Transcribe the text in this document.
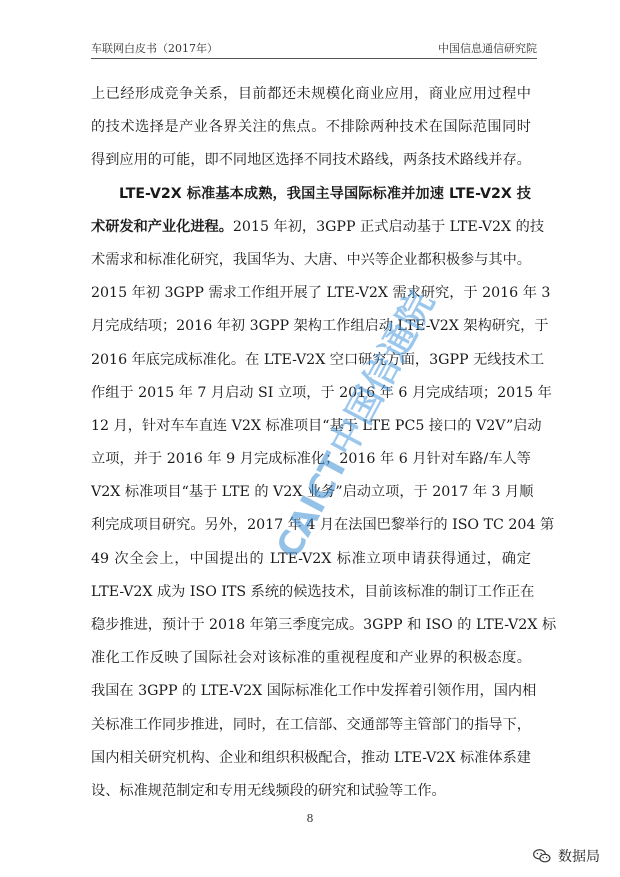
车联网白皮书（2017年）	中国信息通信研究院
上已经形成竞争关系，目前都还未规模化商业应用，商业应用过程中
的技术选择是产业各界关注的焦点。不排除两种技术在国际范围同时
得到应用的可能，即不同地区选择不同技术路线，两条技术路线并存。
LTE-V2X 标准基本成熟，我国主导国际标准并加速 LTE-V2X 技
术研发和产业化进程。2015 年初，3GPP 正式启动基于 LTE-V2X 的技
术需求和标准化研究，我国华为、大唐、中兴等企业都积极参与其中。
2015 年初 3GPP 需求工作组开展了 LTE-V2X 需求研究，于 2016 年 3
月完成结项；2016 年初 3GPP 架构工作组启动 LTE-V2X 架构研究，于
2016 年底完成标准化。在 LTE-V2X 空口研究方面，3GPP 无线技术工
作组于 2015 年 7 月启动 SI 立项，于 2016 年 6 月完成结项；2015 年
12 月，针对车车直连 V2X 标准项目“基于 LTE PC5 接口的 V2V”启动
立项，并于 2016 年 9 月完成标准化；2016 年 6 月针对车路/车人等
V2X 标准项目“基于 LTE 的 V2X 业务”启动立项，于 2017 年 3 月顺
利完成项目研究。另外，2017 年 4 月在法国巴黎举行的 ISO TC 204 第
49 次全会上，中国提出的 LTE-V2X 标准立项申请获得通过，确定
LTE-V2X 成为 ISO ITS 系统的候选技术，目前该标准的制订工作正在
稳步推进，预计于 2018 年第三季度完成。3GPP 和 ISO 的 LTE-V2X 标
准化工作反映了国际社会对该标准的重视程度和产业界的积极态度。
我国在 3GPP 的 LTE-V2X 国际标准化工作中发挥着引领作用，国内相
关标准工作同步推进，同时，在工信部、交通部等主管部门的指导下，
国内相关研究机构、企业和组织积极配合，推动 LTE-V2X 标准体系建
设、标准规范制定和专用无线频段的研究和试验等工作。
CAICT
中国信通院
8
数据局
